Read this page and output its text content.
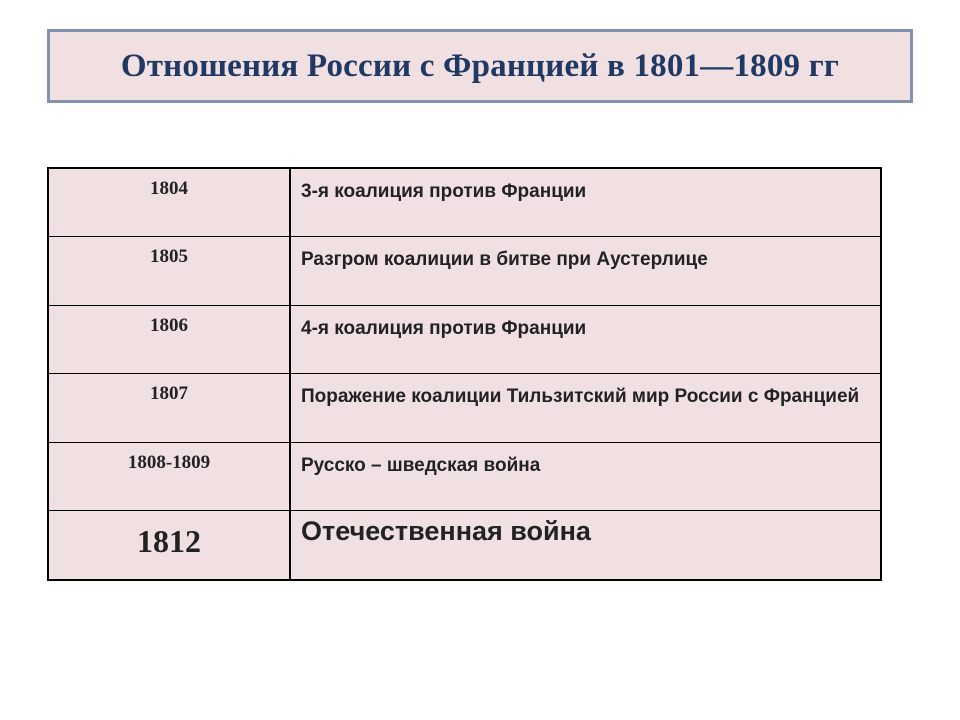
Отношения России с Францией в 1801—1809 гг
1804	3-я коалиция против Франции
1805	Разгром коалиции в битве при Аустерлице
1806	4-я коалиция против Франции
1807	Поражение коалиции Тильзитский мир России с Францией
1808-1809	Русско – шведская война
1812	Отечественная война
